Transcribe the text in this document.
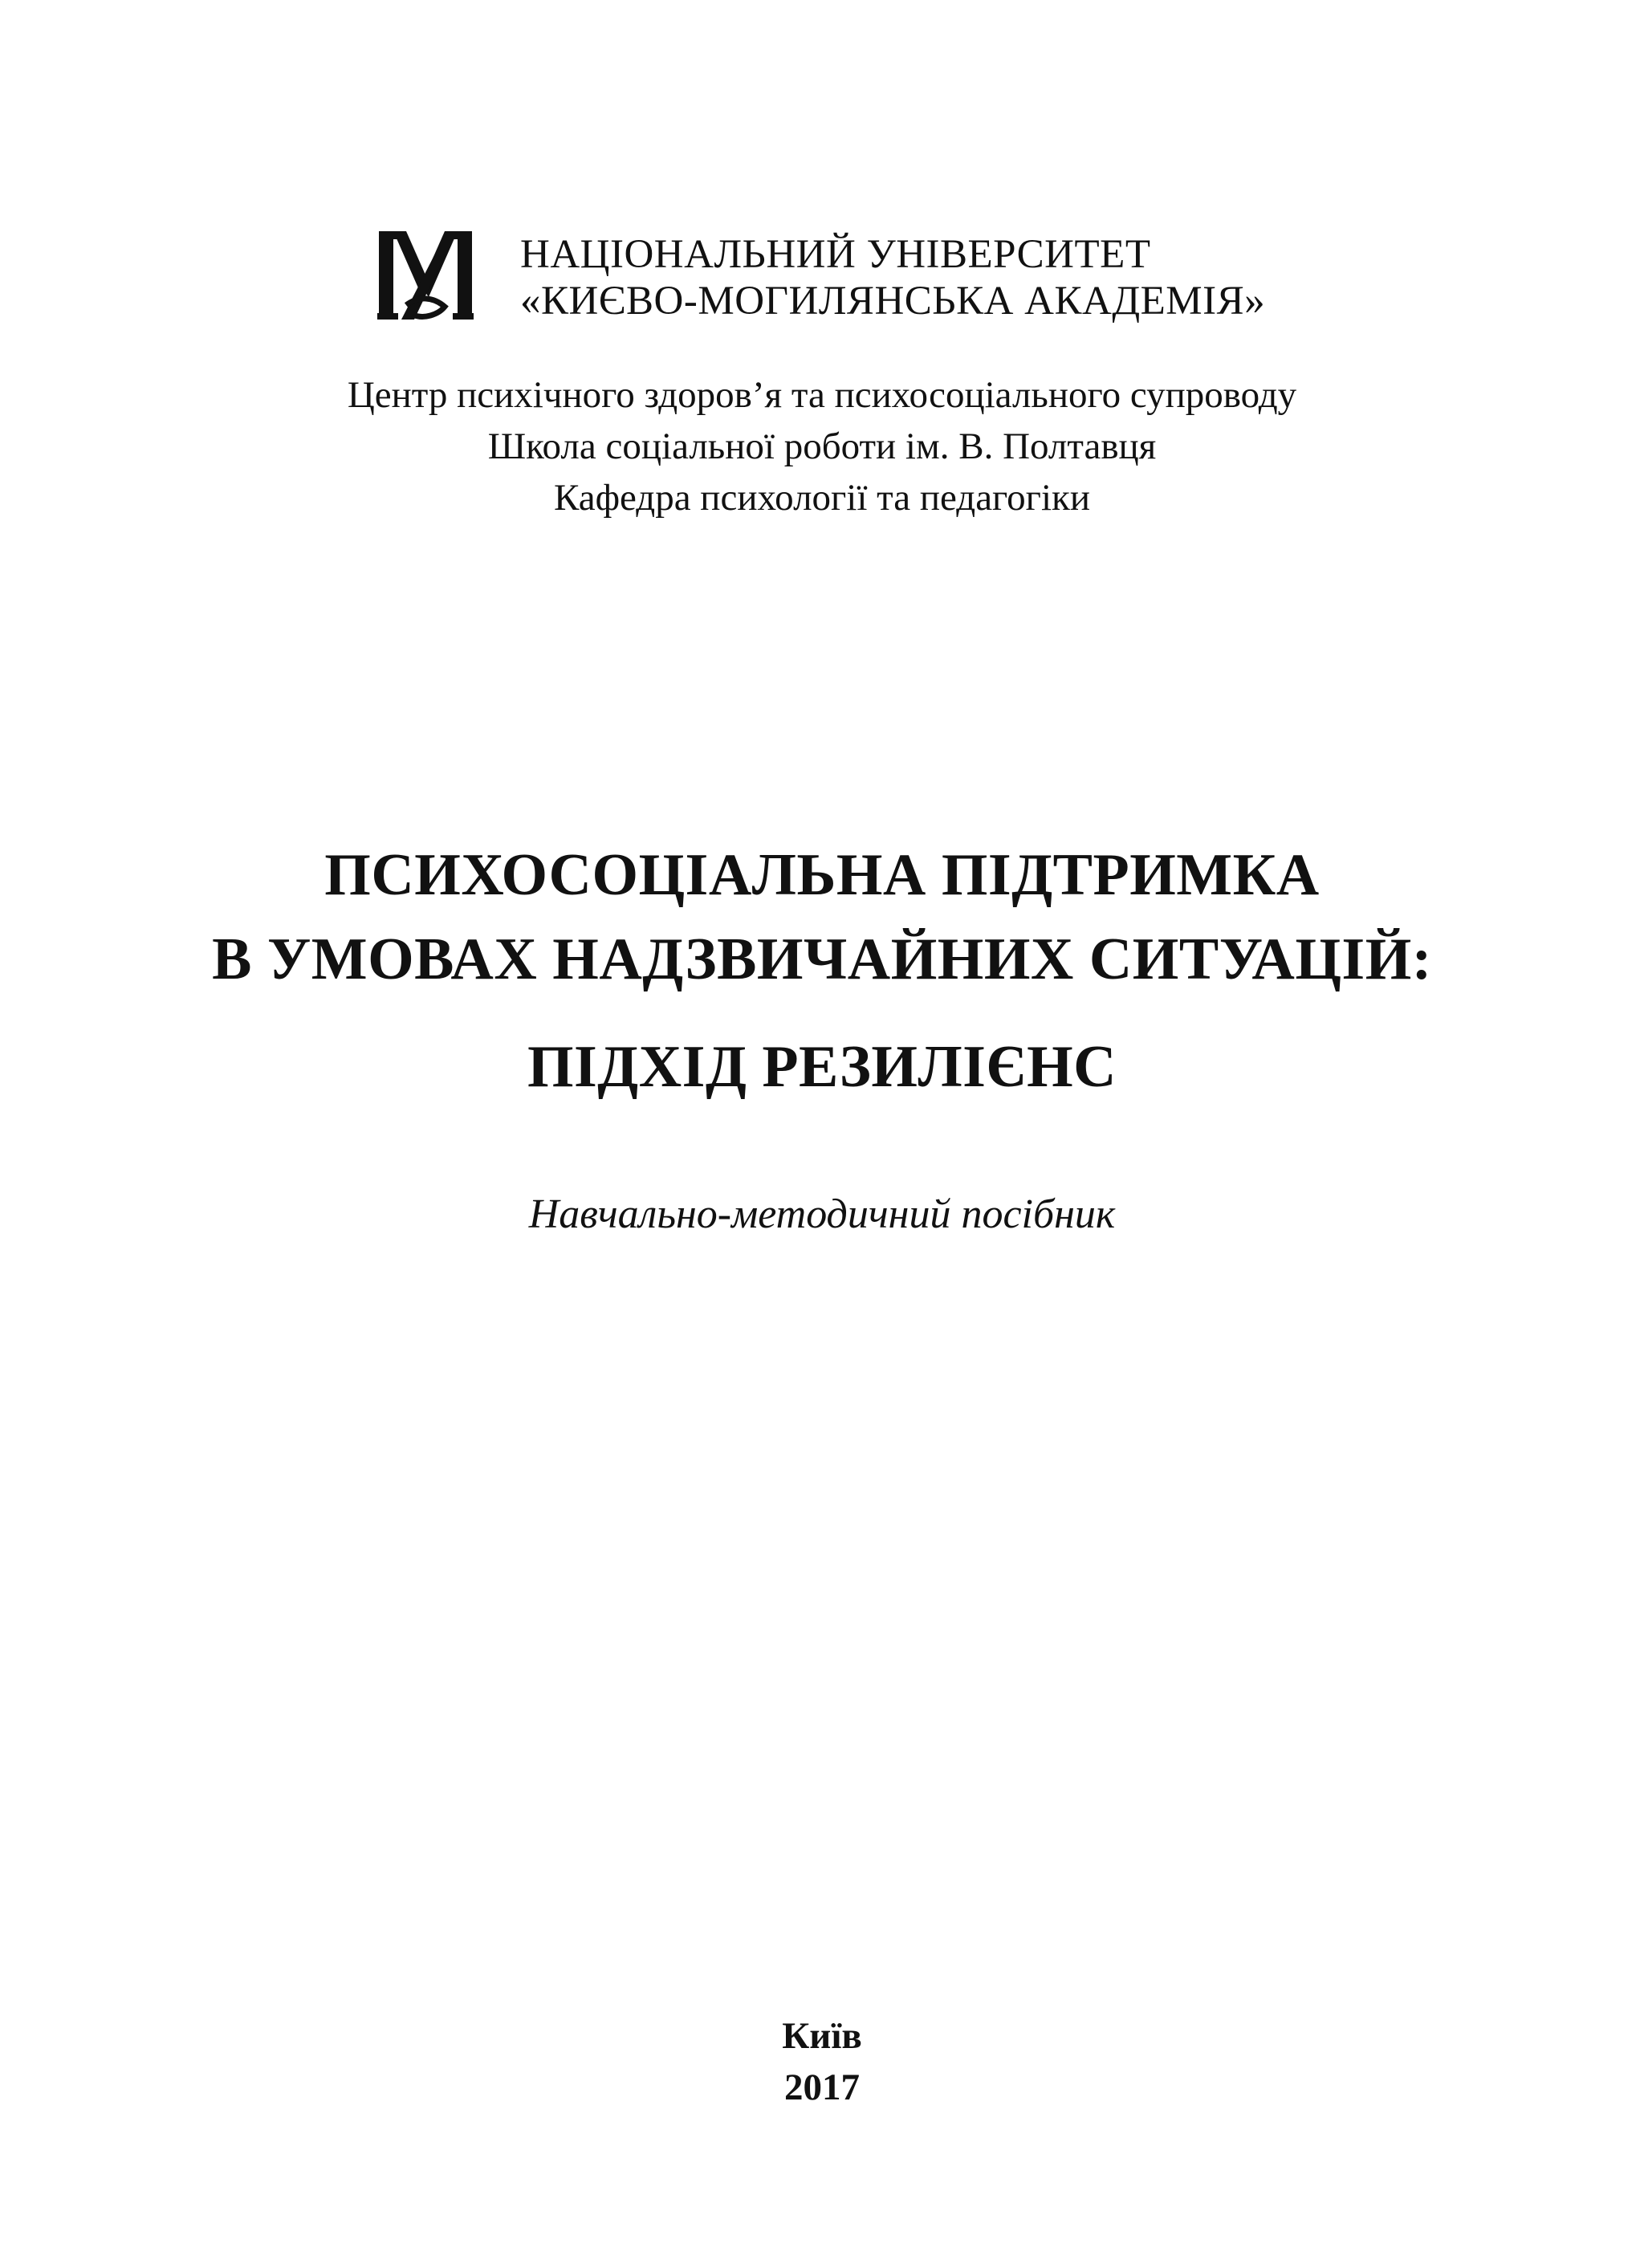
НАЦІОНАЛЬНИЙ УНІВЕРСИТЕТ
«КИЄВО-МОГИЛЯНСЬКА АКАДЕМІЯ»
Центр психічного здоров’я та психосоціального супроводу
Школа соціальної роботи ім. В. Полтавця
Кафедра психології та педагогіки
ПСИХОСОЦІАЛЬНА ПІДТРИМКА
В УМОВАХ НАДЗВИЧАЙНИХ СИТУАЦІЙ:
ПІДХІД РЕЗИЛІЄНС
Навчально-методичний посібник
Київ
2017
